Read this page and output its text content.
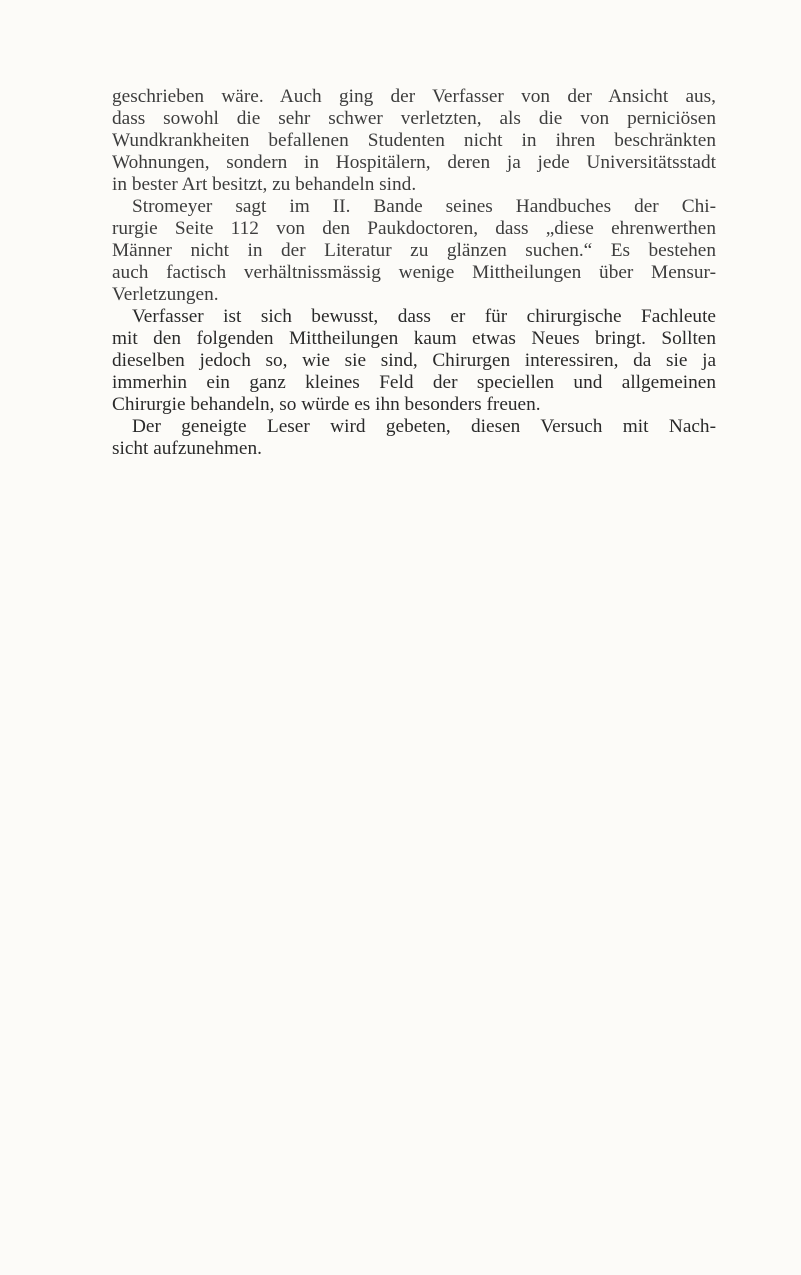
geschrieben wäre. Auch ging der Verfasser von der Ansicht aus,
dass sowohl die sehr schwer verletzten, als die von perniciösen
Wundkrankheiten befallenen Studenten nicht in ihren beschränkten
Wohnungen, sondern in Hospitälern, deren ja jede Universitätsstadt
in bester Art besitzt, zu behandeln sind.
Stromeyer sagt im II. Bande seines Handbuches der Chi-
rurgie Seite 112 von den Paukdoctoren, dass „diese ehrenwerthen
Männer nicht in der Literatur zu glänzen suchen.“ Es bestehen
auch factisch verhältnissmässig wenige Mittheilungen über Mensur-
Verletzungen.
Verfasser ist sich bewusst, dass er für chirurgische Fachleute
mit den folgenden Mittheilungen kaum etwas Neues bringt. Sollten
dieselben jedoch so, wie sie sind, Chirurgen interessiren, da sie ja
immerhin ein ganz kleines Feld der speciellen und allgemeinen
Chirurgie behandeln, so würde es ihn besonders freuen.
Der geneigte Leser wird gebeten, diesen Versuch mit Nach-
sicht aufzunehmen.
